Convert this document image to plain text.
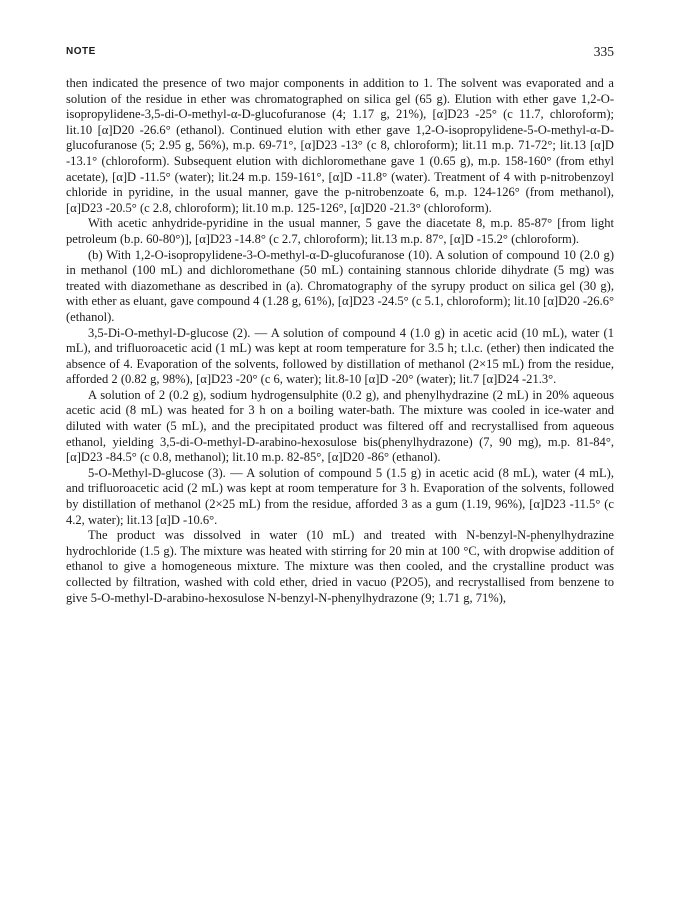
NOTE	335

then indicated the presence of two major components in addition to 1. The solvent was evaporated and a solution of the residue in ether was chromatographed on silica gel (65 g). Elution with ether gave 1,2-O-isopropylidene-3,5-di-O-methyl-α-D-glucofuranose (4; 1.17 g, 21%), [α]D23 -25° (c 11.7, chloroform); lit.10 [α]D20 -26.6° (ethanol). Continued elution with ether gave 1,2-O-isopropylidene-5-O-methyl-α-D-glucofuranose (5; 2.95 g, 56%), m.p. 69-71°, [α]D23 -13° (c 8, chloroform); lit.11 m.p. 71-72°; lit.13 [α]D -13.1° (chloroform). Subsequent elution with dichloromethane gave 1 (0.65 g), m.p. 158-160° (from ethyl acetate), [α]D -11.5° (water); lit.24 m.p. 159-161°, [α]D -11.8° (water). Treatment of 4 with p-nitrobenzoyl chloride in pyridine, in the usual manner, gave the p-nitrobenzoate 6, m.p. 124-126° (from methanol), [α]D23 -20.5° (c 2.8, chloroform); lit.10 m.p. 125-126°, [α]D20 -21.3° (chloroform).

With acetic anhydride-pyridine in the usual manner, 5 gave the diacetate 8, m.p. 85-87° [from light petroleum (b.p. 60-80°)], [α]D23 -14.8° (c 2.7, chloroform); lit.13 m.p. 87°, [α]D -15.2° (chloroform).

(b) With 1,2-O-isopropylidene-3-O-methyl-α-D-glucofuranose (10). A solution of compound 10 (2.0 g) in methanol (100 mL) and dichloromethane (50 mL) containing stannous chloride dihydrate (5 mg) was treated with diazomethane as described in (a). Chromatography of the syrupy product on silica gel (30 g), with ether as eluant, gave compound 4 (1.28 g, 61%), [α]D23 -24.5° (c 5.1, chloroform); lit.10 [α]D20 -26.6° (ethanol).

3,5-Di-O-methyl-D-glucose (2). — A solution of compound 4 (1.0 g) in acetic acid (10 mL), water (1 mL), and trifluoroacetic acid (1 mL) was kept at room temperature for 3.5 h; t.l.c. (ether) then indicated the absence of 4. Evaporation of the solvents, followed by distillation of methanol (2×15 mL) from the residue, afforded 2 (0.82 g, 98%), [α]D23 -20° (c 6, water); lit.8-10 [α]D -20° (water); lit.7 [α]D24 -21.3°.

A solution of 2 (0.2 g), sodium hydrogensulphite (0.2 g), and phenylhydrazine (2 mL) in 20% aqueous acetic acid (8 mL) was heated for 3 h on a boiling water-bath. The mixture was cooled in ice-water and diluted with water (5 mL), and the precipitated product was filtered off and recrystallised from aqueous ethanol, yielding 3,5-di-O-methyl-D-arabino-hexosulose bis(phenylhydrazone) (7, 90 mg), m.p. 81-84°, [α]D23 -84.5° (c 0.8, methanol); lit.10 m.p. 82-85°, [α]D20 -86° (ethanol).

5-O-Methyl-D-glucose (3). — A solution of compound 5 (1.5 g) in acetic acid (8 mL), water (4 mL), and trifluoroacetic acid (2 mL) was kept at room temperature for 3 h. Evaporation of the solvents, followed by distillation of methanol (2×25 mL) from the residue, afforded 3 as a gum (1.19, 96%), [α]D23 -11.5° (c 4.2, water); lit.13 [α]D -10.6°.

The product was dissolved in water (10 mL) and treated with N-benzyl-N-phenylhydrazine hydrochloride (1.5 g). The mixture was heated with stirring for 20 min at 100 °C, with dropwise addition of ethanol to give a homogeneous mixture. The mixture was then cooled, and the crystalline product was collected by filtration, washed with cold ether, dried in vacuo (P2O5), and recrystallised from benzene to give 5-O-methyl-D-arabino-hexosulose N-benzyl-N-phenylhydrazone (9; 1.71 g, 71%),
